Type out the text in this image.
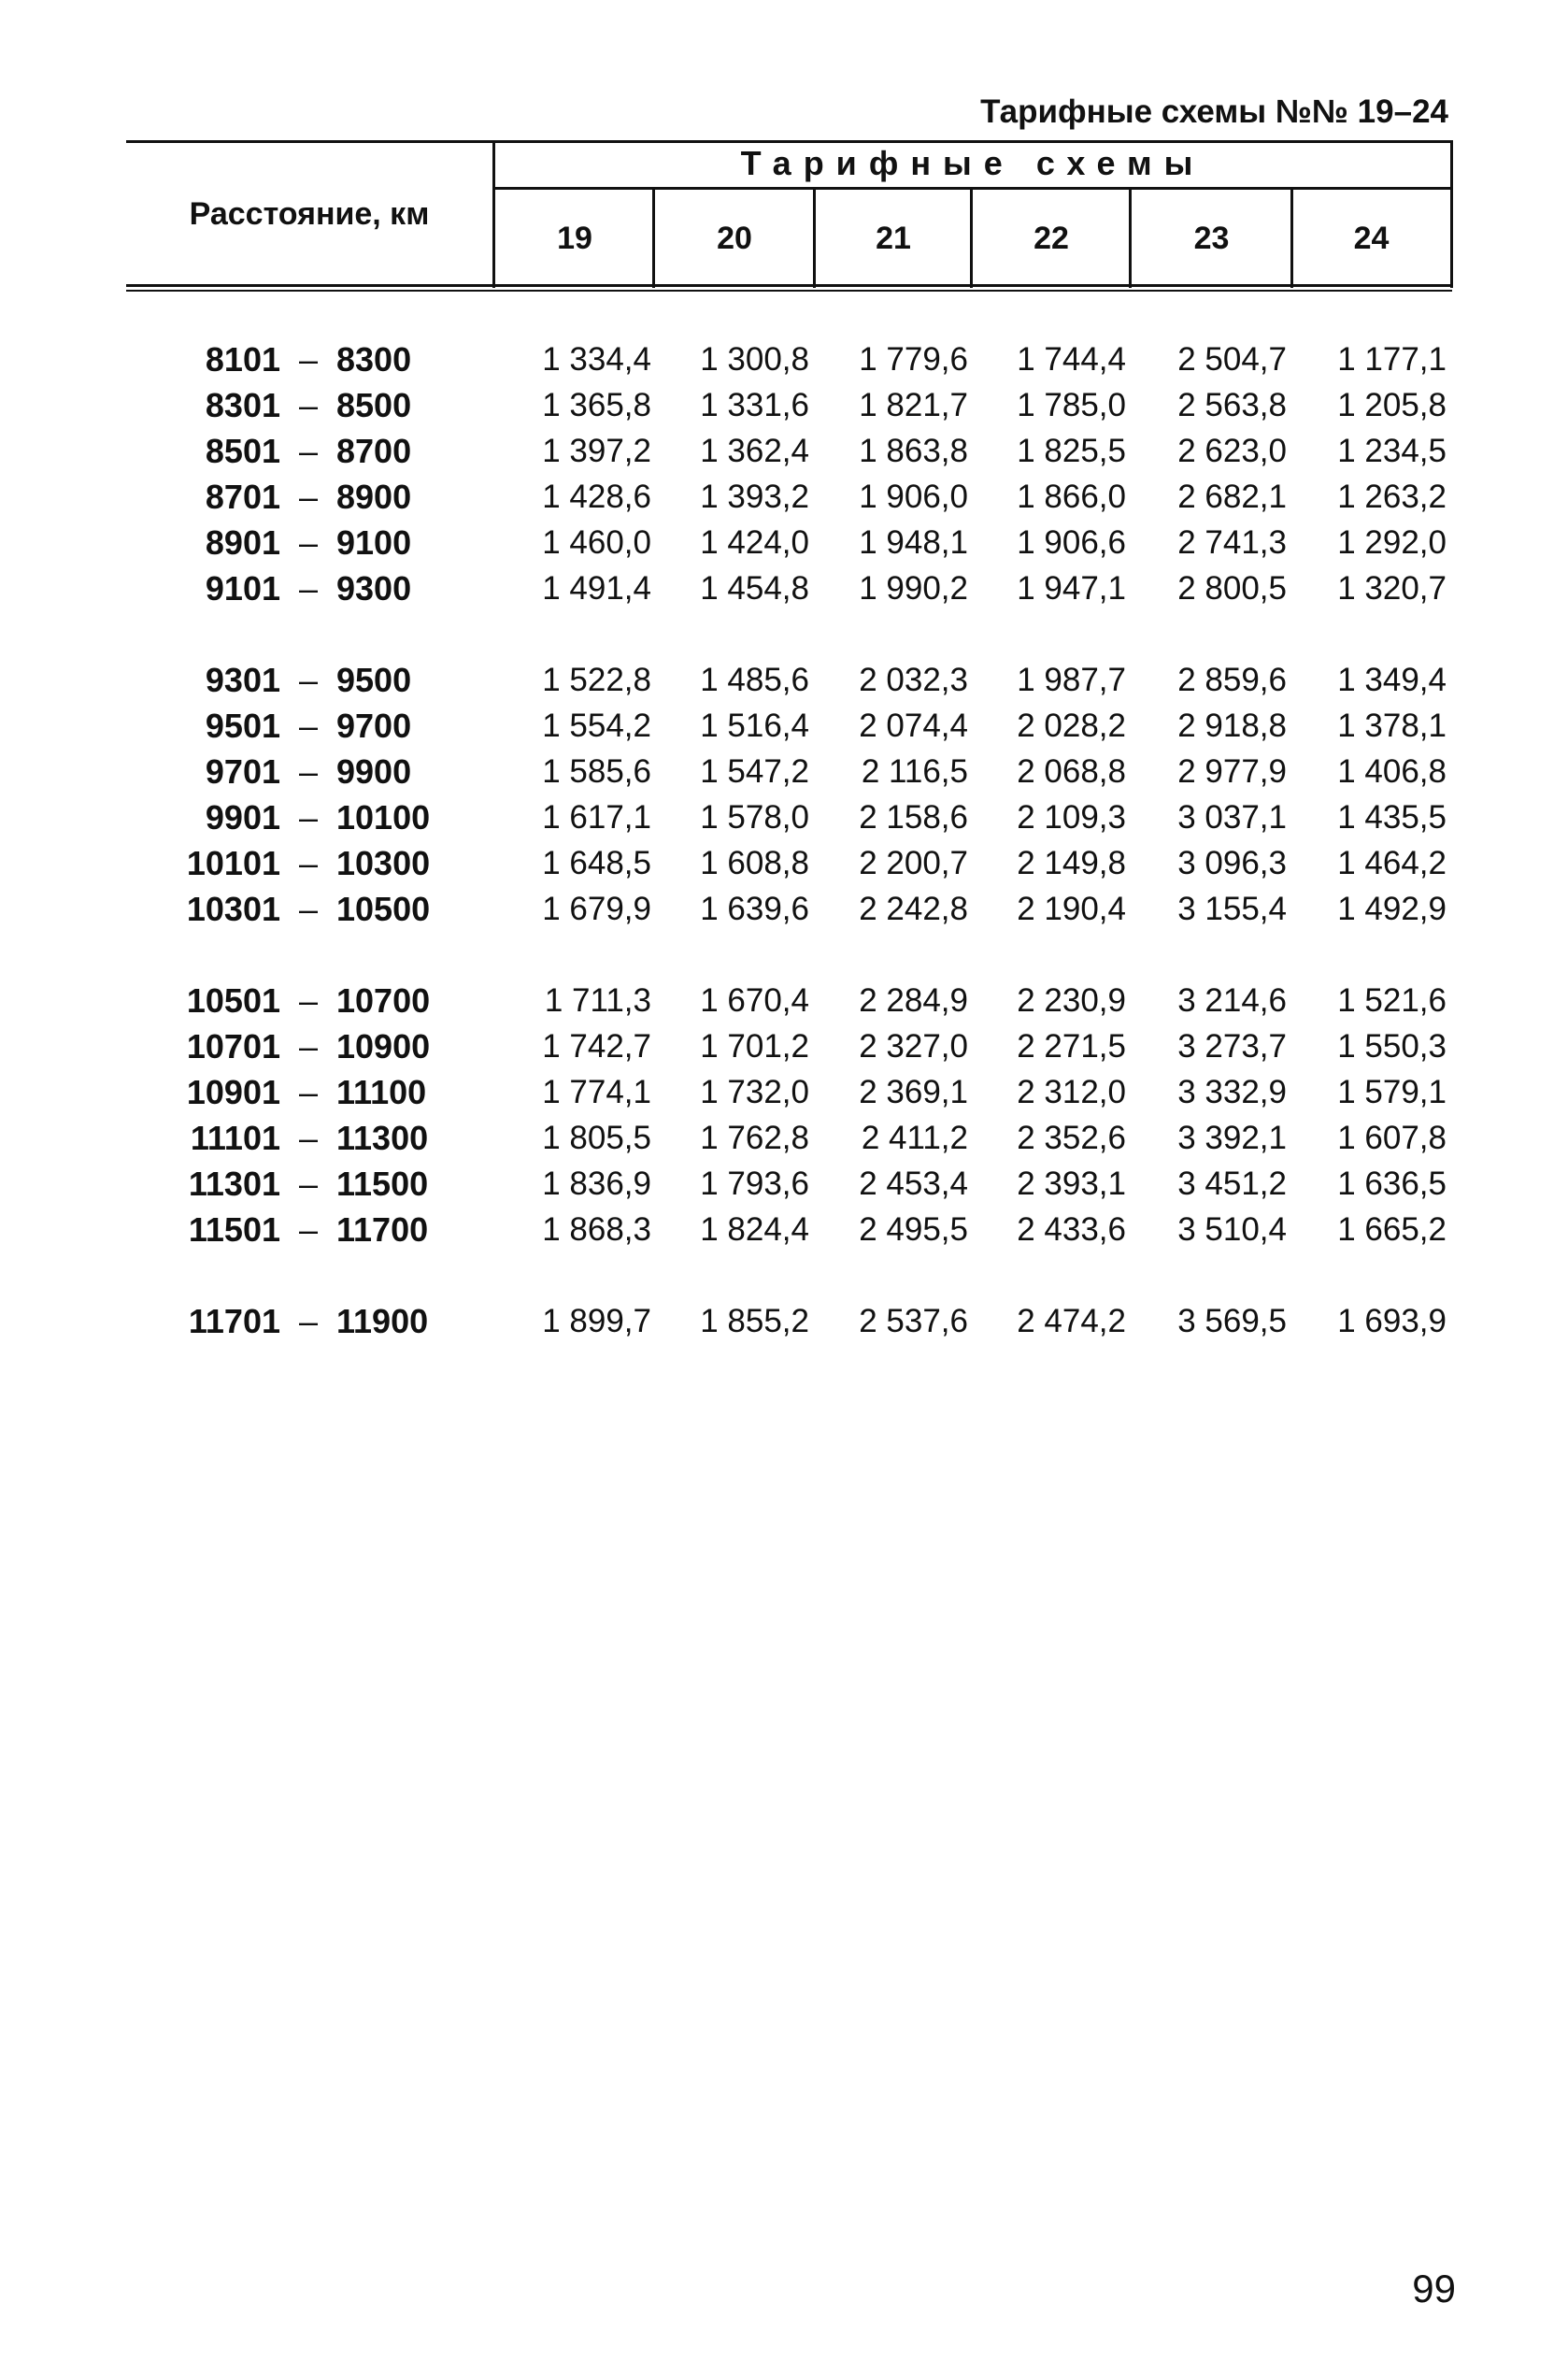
Тарифные схемы №№ 19–24
Расстояние, км
Тарифные схемы
19	20	21	22	23	24
8101 – 8300	1 334,4	1 300,8	1 779,6	1 744,4	2 504,7	1 177,1
8301 – 8500	1 365,8	1 331,6	1 821,7	1 785,0	2 563,8	1 205,8
8501 – 8700	1 397,2	1 362,4	1 863,8	1 825,5	2 623,0	1 234,5
8701 – 8900	1 428,6	1 393,2	1 906,0	1 866,0	2 682,1	1 263,2
8901 – 9100	1 460,0	1 424,0	1 948,1	1 906,6	2 741,3	1 292,0
9101 – 9300	1 491,4	1 454,8	1 990,2	1 947,1	2 800,5	1 320,7
9301 – 9500	1 522,8	1 485,6	2 032,3	1 987,7	2 859,6	1 349,4
9501 – 9700	1 554,2	1 516,4	2 074,4	2 028,2	2 918,8	1 378,1
9701 – 9900	1 585,6	1 547,2	2 116,5	2 068,8	2 977,9	1 406,8
9901 – 10100	1 617,1	1 578,0	2 158,6	2 109,3	3 037,1	1 435,5
10101 – 10300	1 648,5	1 608,8	2 200,7	2 149,8	3 096,3	1 464,2
10301 – 10500	1 679,9	1 639,6	2 242,8	2 190,4	3 155,4	1 492,9
10501 – 10700	1 711,3	1 670,4	2 284,9	2 230,9	3 214,6	1 521,6
10701 – 10900	1 742,7	1 701,2	2 327,0	2 271,5	3 273,7	1 550,3
10901 – 11100	1 774,1	1 732,0	2 369,1	2 312,0	3 332,9	1 579,1
11101 – 11300	1 805,5	1 762,8	2 411,2	2 352,6	3 392,1	1 607,8
11301 – 11500	1 836,9	1 793,6	2 453,4	2 393,1	3 451,2	1 636,5
11501 – 11700	1 868,3	1 824,4	2 495,5	2 433,6	3 510,4	1 665,2
11701 – 11900	1 899,7	1 855,2	2 537,6	2 474,2	3 569,5	1 693,9
99
